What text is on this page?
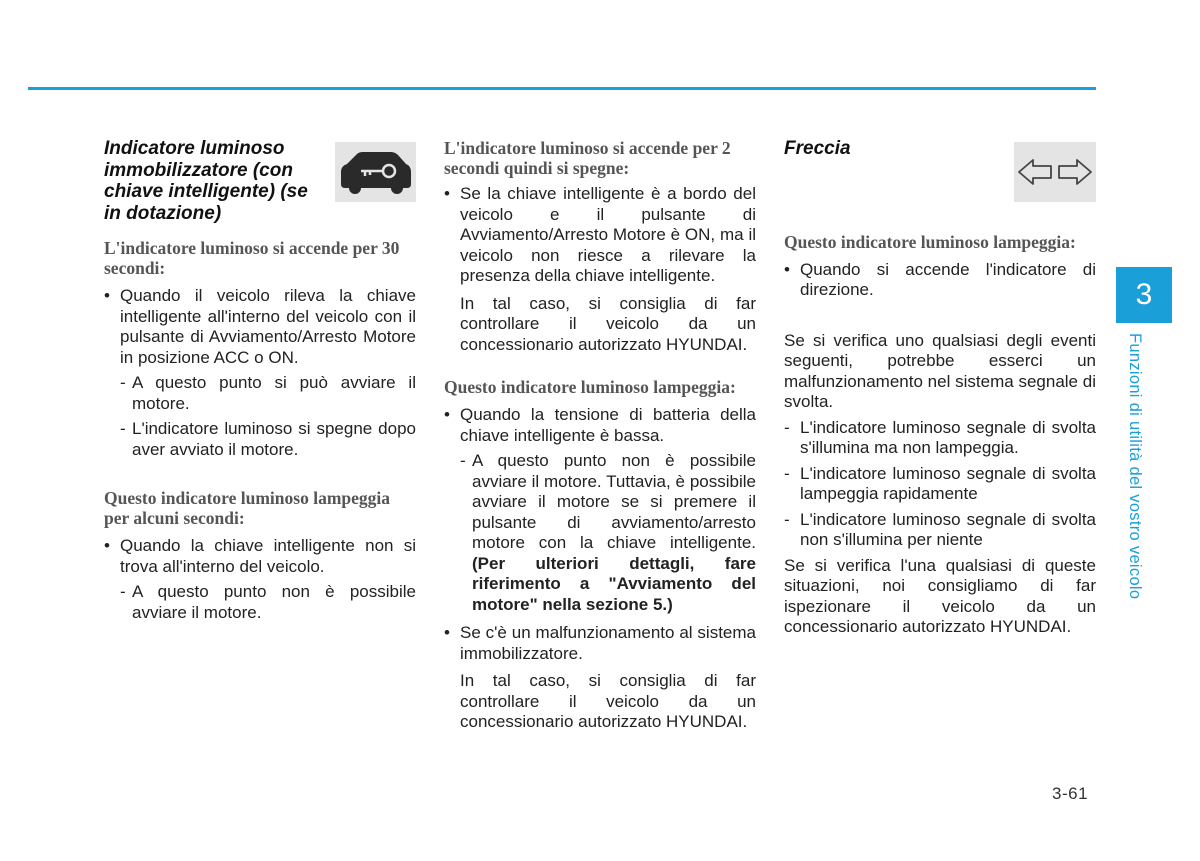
Indicatore luminoso immobilizzatore (con chiave intelligente) (se in dotazione)
L'indicatore luminoso si accende per 30 secondi:
• Quando il veicolo rileva la chiave intelligente all'interno del veicolo con il pulsante di Avviamento/Arresto Motore in posizione ACC o ON.
- A questo punto si può avviare il motore.
- L'indicatore luminoso si spegne dopo aver avviato il motore.
Questo indicatore luminoso lampeggia per alcuni secondi:
• Quando la chiave intelligente non si trova all'interno del veicolo.
- A questo punto non è possibile avviare il motore.
L'indicatore luminoso si accende per 2 secondi quindi si spegne:
• Se la chiave intelligente è a bordo del veicolo e il pulsante di Avviamento/Arresto Motore è ON, ma il veicolo non riesce a rilevare la presenza della chiave intelligente.
In tal caso, si consiglia di far controllare il veicolo da un concessionario autorizzato HYUNDAI.
Questo indicatore luminoso lampeggia:
• Quando la tensione di batteria della chiave intelligente è bassa.
- A questo punto non è possibile avviare il motore. Tuttavia, è possibile avviare il motore se si premere il pulsante di avviamento/arresto motore con la chiave intelligente. (Per ulteriori dettagli, fare riferimento a "Avviamento del motore" nella sezione 5.)
• Se c'è un malfunzionamento al sistema immobilizzatore.
In tal caso, si consiglia di far controllare il veicolo da un concessionario autorizzato HYUNDAI.
Freccia
Questo indicatore luminoso lampeggia:
• Quando si accende l'indicatore di direzione.
Se si verifica uno qualsiasi degli eventi seguenti, potrebbe esserci un malfunzionamento nel sistema segnale di svolta.
- L'indicatore luminoso segnale di svolta s'illumina ma non lampeggia.
- L'indicatore luminoso segnale di svolta lampeggia rapidamente
- L'indicatore luminoso segnale di svolta non s'illumina per niente
Se si verifica l'una qualsiasi di queste situazioni, noi consigliamo di far ispezionare il veicolo da un concessionario autorizzato HYUNDAI.
3
Funzioni di utilità del vostro veicolo
3-61
